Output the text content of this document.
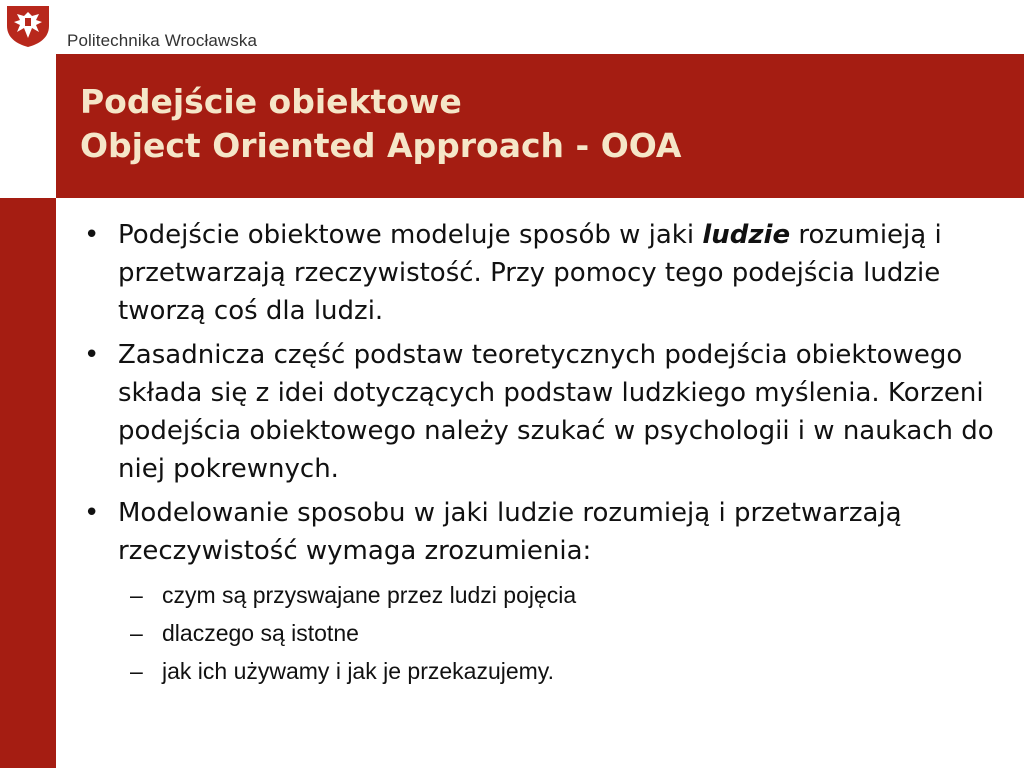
Politechnika Wrocławska
Podejście obiektowe
Object Oriented Approach - OOA
• Podejście obiektowe modeluje sposób w jaki ludzie rozumieją i przetwarzają rzeczywistość. Przy pomocy tego podejścia ludzie tworzą coś dla ludzi.
• Zasadnicza część podstaw teoretycznych podejścia obiektowego składa się z idei dotyczących podstaw ludzkiego myślenia. Korzeni podejścia obiektowego należy szukać w psychologii i w naukach do niej pokrewnych.
• Modelowanie sposobu w jaki ludzie rozumieją i przetwarzają rzeczywistość wymaga zrozumienia:
– czym są przyswajane przez ludzi pojęcia
– dlaczego są istotne
– jak ich używamy i jak je przekazujemy.
